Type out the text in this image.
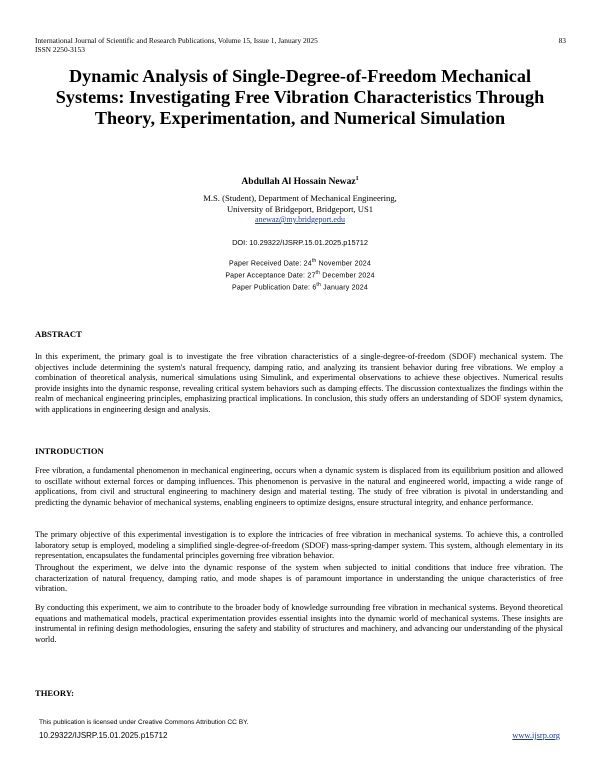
International Journal of Scientific and Research Publications, Volume 15, Issue 1, January 2025
ISSN 2250-3153
83
Dynamic Analysis of Single-Degree-of-Freedom Mechanical Systems: Investigating Free Vibration Characteristics Through Theory, Experimentation, and Numerical Simulation
Abdullah Al Hossain Newaz$^1$
M.S. (Student), Department of Mechanical Engineering,
University of Bridgeport, Bridgeport, US1
anewaz@my.bridgeport.edu
DOI: 10.29322/IJSRP.15.01.2025.p15712
Paper Received Date: 24th November 2024
Paper Acceptance Date: 27th December 2024
Paper Publication Date: 6th January 2024
ABSTRACT

In this experiment, the primary goal is to investigate the free vibration characteristics of a single-degree-of-freedom (SDOF) mechanical system. The objectives include determining the system's natural frequency, damping ratio, and analyzing its transient behavior during free vibrations. We employ a combination of theoretical analysis, numerical simulations using Simulink, and experimental observations to achieve these objectives. Numerical results provide insights into the dynamic response, revealing critical system behaviors such as damping effects. The discussion contextualizes the findings within the realm of mechanical engineering principles, emphasizing practical implications. In conclusion, this study offers an understanding of SDOF system dynamics, with applications in engineering design and analysis.

INTRODUCTION

Free vibration, a fundamental phenomenon in mechanical engineering, occurs when a dynamic system is displaced from its equilibrium position and allowed to oscillate without external forces or damping influences. This phenomenon is pervasive in the natural and engineered world, impacting a wide range of applications, from civil and structural engineering to machinery design and material testing. The study of free vibration is pivotal in understanding and predicting the dynamic behavior of mechanical systems, enabling engineers to optimize designs, ensure structural integrity, and enhance performance.

The primary objective of this experimental investigation is to explore the intricacies of free vibration in mechanical systems. To achieve this, a controlled laboratory setup is employed, modeling a simplified single-degree-of-freedom (SDOF) mass-spring-damper system. This system, although elementary in its representation, encapsulates the fundamental principles governing free vibration behavior.

Throughout the experiment, we delve into the dynamic response of the system when subjected to initial conditions that induce free vibration. The characterization of natural frequency, damping ratio, and mode shapes is of paramount importance in understanding the unique characteristics of free vibration.

By conducting this experiment, we aim to contribute to the broader body of knowledge surrounding free vibration in mechanical systems. Beyond theoretical equations and mathematical models, practical experimentation provides essential insights into the dynamic world of mechanical systems. These insights are instrumental in refining design methodologies, ensuring the safety and stability of structures and machinery, and advancing our understanding of the physical world.

THEORY:
This publication is licensed under Creative Commons Attribution CC BY.
10.29322/IJSRP.15.01.2025.p15712	www.ijsrp.org
